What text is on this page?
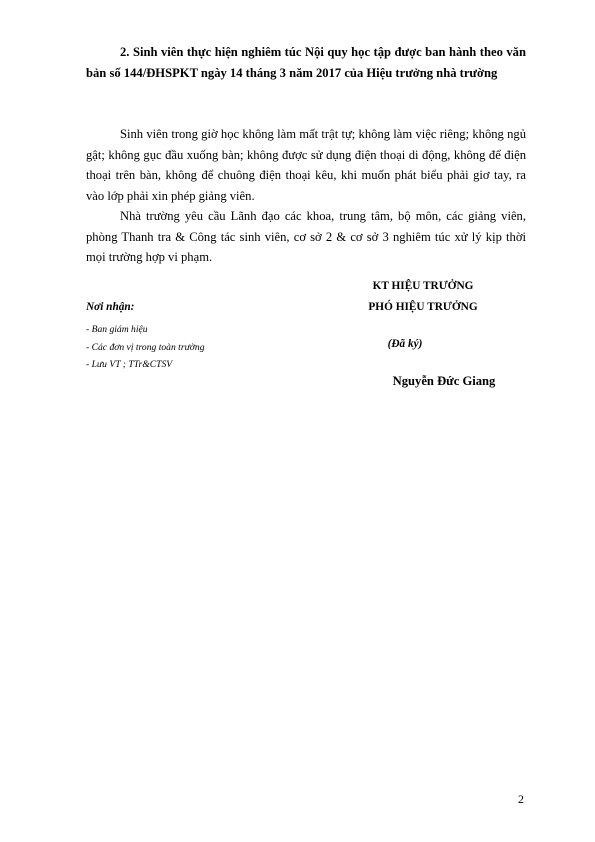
2. Sinh viên thực hiện nghiêm túc Nội quy học tập được ban hành theo văn bản số 144/ĐHSPKT ngày 14 tháng 3 năm 2017 của Hiệu trưởng nhà trường

Sinh viên trong giờ học không làm mất trật tự; không làm việc riêng; không ngủ gật; không gục đầu xuống bàn; không được sử dụng điện thoại di động, không để điện thoại trên bàn, không để chuông điện thoại kêu, khi muốn phát biểu phải giơ tay, ra vào lớp phải xin phép giảng viên.

Nhà trường yêu cầu Lãnh đạo các khoa, trung tâm, bộ môn, các giảng viên, phòng Thanh tra & Công tác sinh viên, cơ sở 2 & cơ sở 3 nghiêm túc xử lý kịp thời mọi trường hợp vi phạm.

KT HIỆU TRƯỞNG
PHÓ HIỆU TRƯỞNG
(Đã ký)
Nguyễn Đức Giang
Nơi nhận:
- Ban giám hiệu
- Các đơn vị trong toàn trường
- Lưu VT ; TTr&CTSV
2
